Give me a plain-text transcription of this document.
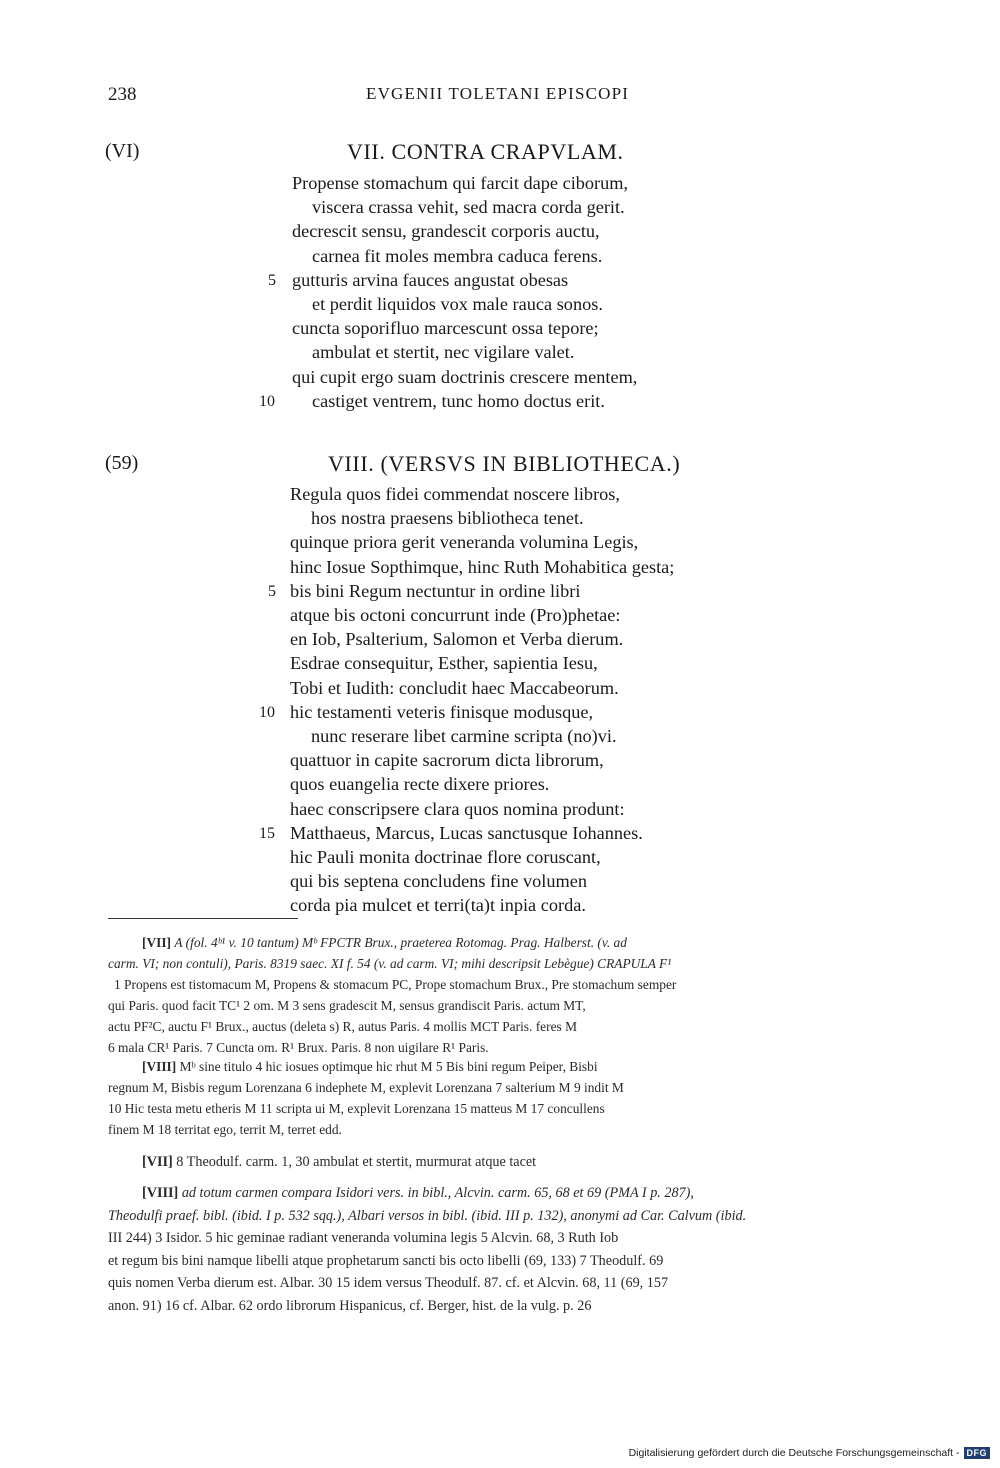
238	EVGENII TOLETANI EPISCOPI
(VI)	VII. CONTRA CRAPVLAM.
Propense stomachum qui farcit dape ciborum,
viscera crassa vehit, sed macra corda gerit.
decrescit sensu, grandescit corporis auctu,
carnea fit moles membra caduca ferens.
gutturis arvina fauces angustat obesas
5
et perdit liquidos vox male rauca sonos.
cuncta soporifluo marcescunt ossa tepore;
ambulat et stertit, nec vigilare valet.
qui cupit ergo suam doctrinis crescere mentem,
castiget ventrem, tunc homo doctus erit.
10
(59)	VIII. (VERSVS IN BIBLIOTHECA.)
Regula quos fidei commendat noscere libros,
hos nostra praesens bibliotheca tenet.
quinque priora gerit veneranda volumina Legis,
hinc Iosue Sopthimque, hinc Ruth Mohabitica gesta;
bis bini Regum nectuntur in ordine libri
5
atque bis octoni concurrunt inde (Pro)phetae:
en Iob, Psalterium, Salomon et Verba dierum.
Esdrae consequitur, Esther, sapientia Iesu,
Tobi et Iudith: concludit haec Maccabeorum.
hic testamenti veteris finisque modusque,
10
nunc reserare libet carmine scripta (no)vi.
quattuor in capite sacrorum dicta librorum,
quos euangelia recte dixere priores.
haec conscripsere clara quos nomina produnt:
Matthaeus, Marcus, Lucas sanctusque Iohannes.
15
hic Pauli monita doctrinae flore coruscant,
qui bis septena concludens fine volumen
corda pia mulcet et terri(ta)t inpia corda.
[VII] A (fol. 4ᵇ¹ v. 10 tantum) Mᵇ FPCTR Brux., praeterea Rotomag. Prag. Halberst. (v. ad
carm. VI; non contuli), Paris. 8319 saec. XI f. 54 (v. ad carm. VI; mihi descripsit Lebègue) CRAPULA F¹
1 Propens est tistomacum M, Propens & stomacum PC, Prope stomachum Brux., Pre stomachum semper
qui Paris. quod facit TC¹ 2 om. M 3 sens gradescit M, sensus grandiscit Paris. actum MT,
actu PF²C, auctu F¹ Brux., auctus (deleta s) R, autus Paris. 4 mollis MCT Paris. feres M
6 mala CR¹ Paris. 7 Cuncta om. R¹ Brux. Paris. 8 non uigilare R¹ Paris.
[VIII] Mᵇ sine titulo 4 hic iosues optimque hic rhut M 5 Bis bini regum Peiper, Bisbi
regnum M, Bisbis regum Lorenzana 6 indephete M, explevit Lorenzana 7 salterium M 9 indit M
10 Hic testa metu etheris M 11 scripta ui M, explevit Lorenzana 15 matteus M 17 concullens
finem M 18 territat ego, territ M, terret edd.
[VII] 8 Theodulf. carm. 1, 30 ambulat et stertit, murmurat atque tacet
[VIII] ad totum carmen compara Isidori vers. in bibl., Alcvin. carm. 65, 68 et 69 (PMA I p. 287),
Theodulfi praef. bibl. (ibid. I p. 532 sqq.), Albari versos in bibl. (ibid. III p. 132), anonymi ad Car. Calvum (ibid.
III 244) 3 Isidor. 5 hic geminae radiant veneranda volumina legis 5 Alcvin. 68, 3 Ruth Iob
et regum bis bini namque libelli atque prophetarum sancti bis octo libelli (69, 133) 7 Theodulf. 69
quis nomen Verba dierum est. Albar. 30 15 idem versus Theodulf. 87. cf. et Alcvin. 68, 11 (69, 157
anon. 91) 16 cf. Albar. 62 ordo librorum Hispanicus, cf. Berger, hist. de la vulg. p. 26
Digitalisierung gefördert durch die Deutsche Forschungsgemeinschaft - DFG
